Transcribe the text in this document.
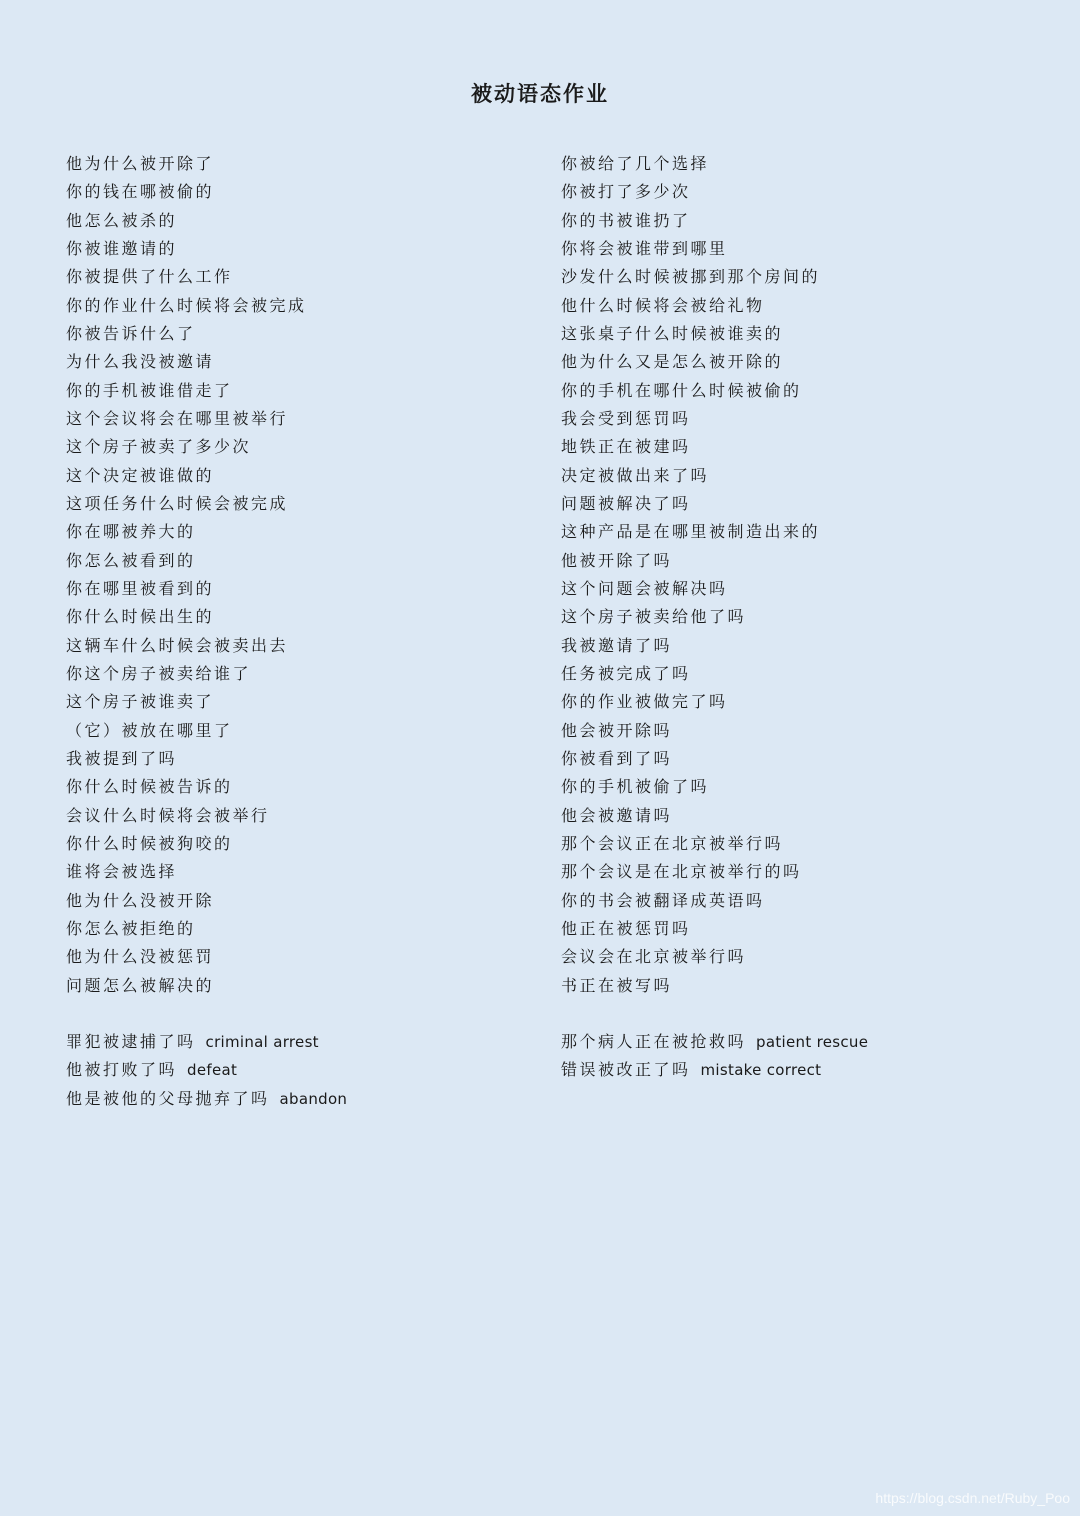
被动语态作业
他为什么被开除了
你的钱在哪被偷的
他怎么被杀的
你被谁邀请的
你被提供了什么工作
你的作业什么时候将会被完成
你被告诉什么了
为什么我没被邀请
你的手机被谁借走了
这个会议将会在哪里被举行
这个房子被卖了多少次
这个决定被谁做的
这项任务什么时候会被完成
你在哪被养大的
你怎么被看到的
你在哪里被看到的
你什么时候出生的
这辆车什么时候会被卖出去
你这个房子被卖给谁了
这个房子被谁卖了
（它）被放在哪里了
我被提到了吗
你什么时候被告诉的
会议什么时候将会被举行
你什么时候被狗咬的
谁将会被选择
他为什么没被开除
你怎么被拒绝的
他为什么没被惩罚
问题怎么被解决的
你被给了几个选择
你被打了多少次
你的书被谁扔了
你将会被谁带到哪里
沙发什么时候被挪到那个房间的
他什么时候将会被给礼物
这张桌子什么时候被谁卖的
他为什么又是怎么被开除的
你的手机在哪什么时候被偷的
我会受到惩罚吗
地铁正在被建吗
决定被做出来了吗
问题被解决了吗
这种产品是在哪里被制造出来的
他被开除了吗
这个问题会被解决吗
这个房子被卖给他了吗
我被邀请了吗
任务被完成了吗
你的作业被做完了吗
他会被开除吗
你被看到了吗
你的手机被偷了吗
他会被邀请吗
那个会议正在北京被举行吗
那个会议是在北京被举行的吗
你的书会被翻译成英语吗
他正在被惩罚吗
会议会在北京被举行吗
书正在被写吗
罪犯被逮捕了吗 criminal arrest
他被打败了吗 defeat
他是被他的父母抛弃了吗 abandon
那个病人正在被抢救吗 patient rescue
错误被改正了吗 mistake correct
https://blog.csdn.net/Ruby_Poo
